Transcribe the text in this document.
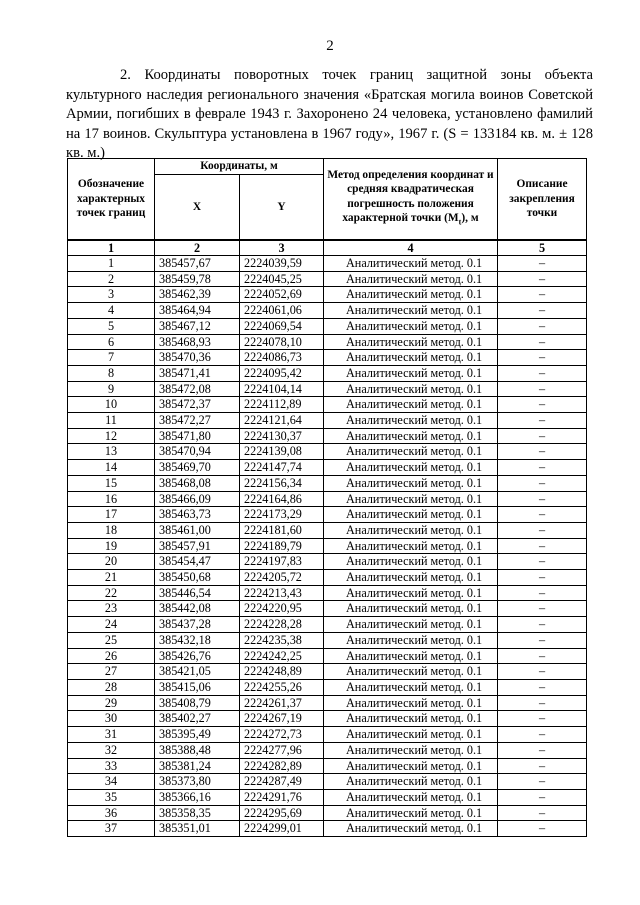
2
2. Координаты поворотных точек границ защитной зоны объекта культурного наследия регионального значения «Братская могила воинов Советской Армии, погибших в феврале 1943 г. Захоронено 24 человека, установлено фамилий на 17 воинов. Скульптура установлена в 1967 году», 1967 г. (S = 133184 кв. м. ± 128 кв. м.)
Обозначение характерных точек границ	Координаты, м		Метод определения координат и средняя квадратическая погрешность положения характерной точки $(M_t)$, м	Описание закрепления точки
	X	Y		
1	2	3	4	5
1	385457,67	2224039,59	Аналитический метод. 0.1	–
2	385459,78	2224045,25	Аналитический метод. 0.1	–
3	385462,39	2224052,69	Аналитический метод. 0.1	–
4	385464,94	2224061,06	Аналитический метод. 0.1	–
5	385467,12	2224069,54	Аналитический метод. 0.1	–
6	385468,93	2224078,10	Аналитический метод. 0.1	–
7	385470,36	2224086,73	Аналитический метод. 0.1	–
8	385471,41	2224095,42	Аналитический метод. 0.1	–
9	385472,08	2224104,14	Аналитический метод. 0.1	–
10	385472,37	2224112,89	Аналитический метод. 0.1	–
11	385472,27	2224121,64	Аналитический метод. 0.1	–
12	385471,80	2224130,37	Аналитический метод. 0.1	–
13	385470,94	2224139,08	Аналитический метод. 0.1	–
14	385469,70	2224147,74	Аналитический метод. 0.1	–
15	385468,08	2224156,34	Аналитический метод. 0.1	–
16	385466,09	2224164,86	Аналитический метод. 0.1	–
17	385463,73	2224173,29	Аналитический метод. 0.1	–
18	385461,00	2224181,60	Аналитический метод. 0.1	–
19	385457,91	2224189,79	Аналитический метод. 0.1	–
20	385454,47	2224197,83	Аналитический метод. 0.1	–
21	385450,68	2224205,72	Аналитический метод. 0.1	–
22	385446,54	2224213,43	Аналитический метод. 0.1	–
23	385442,08	2224220,95	Аналитический метод. 0.1	–
24	385437,28	2224228,28	Аналитический метод. 0.1	–
25	385432,18	2224235,38	Аналитический метод. 0.1	–
26	385426,76	2224242,25	Аналитический метод. 0.1	–
27	385421,05	2224248,89	Аналитический метод. 0.1	–
28	385415,06	2224255,26	Аналитический метод. 0.1	–
29	385408,79	2224261,37	Аналитический метод. 0.1	–
30	385402,27	2224267,19	Аналитический метод. 0.1	–
31	385395,49	2224272,73	Аналитический метод. 0.1	–
32	385388,48	2224277,96	Аналитический метод. 0.1	–
33	385381,24	2224282,89	Аналитический метод. 0.1	–
34	385373,80	2224287,49	Аналитический метод. 0.1	–
35	385366,16	2224291,76	Аналитический метод. 0.1	–
36	385358,35	2224295,69	Аналитический метод. 0.1	–
37	385351,01	2224299,01	Аналитический метод. 0.1	–
